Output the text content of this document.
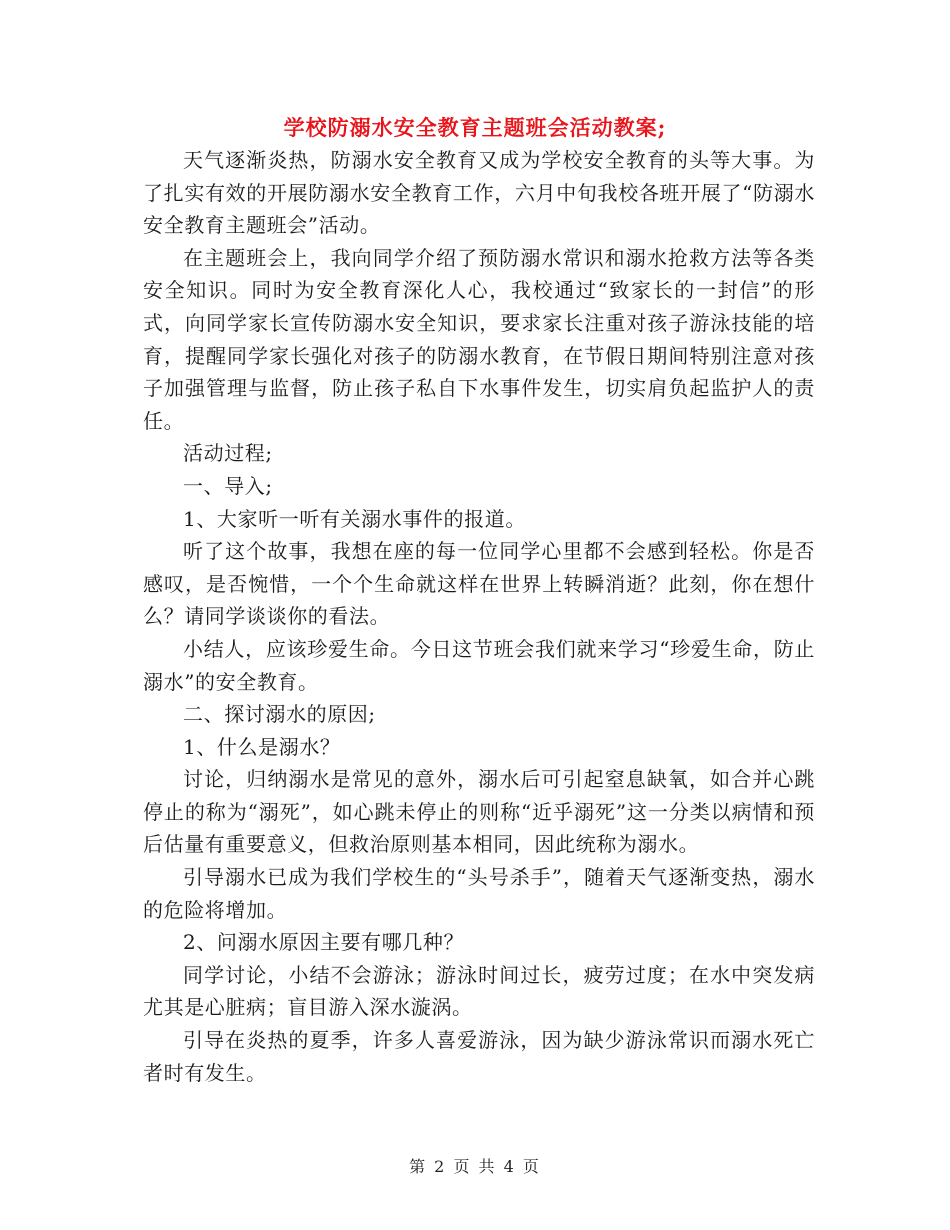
学校防溺水安全教育主题班会活动教案;

天气逐渐炎热，防溺水安全教育又成为学校安全教育的头等大事。为了扎实有效的开展防溺水安全教育工作，六月中旬我校各班开展了“防溺水安全教育主题班会”活动。

在主题班会上，我向同学介绍了预防溺水常识和溺水抢救方法等各类安全知识。同时为安全教育深化人心，我校通过“致家长的一封信”的形式，向同学家长宣传防溺水安全知识，要求家长注重对孩子游泳技能的培育，提醒同学家长强化对孩子的防溺水教育，在节假日期间特别注意对孩子加强管理与监督，防止孩子私自下水事件发生，切实肩负起监护人的责任。

活动过程;

一、导入;

1、大家听一听有关溺水事件的报道。

听了这个故事，我想在座的每一位同学心里都不会感到轻松。你是否感叹，是否惋惜，一个个生命就这样在世界上转瞬消逝？此刻，你在想什么？请同学谈谈你的看法。

小结人，应该珍爱生命。今日这节班会我们就来学习“珍爱生命，防止溺水”的安全教育。

二、探讨溺水的原因;

1、什么是溺水？

讨论，归纳溺水是常见的意外，溺水后可引起窒息缺氧，如合并心跳停止的称为“溺死”，如心跳未停止的则称“近乎溺死”这一分类以病情和预后估量有重要意义，但救治原则基本相同，因此统称为溺水。

引导溺水已成为我们学校生的“头号杀手”，随着天气逐渐变热，溺水的危险将增加。

2、问溺水原因主要有哪几种？

同学讨论，小结不会游泳；游泳时间过长，疲劳过度；在水中突发病尤其是心脏病；盲目游入深水漩涡。

引导在炎热的夏季，许多人喜爱游泳，因为缺少游泳常识而溺水死亡者时有发生。

第 2 页 共 4 页
